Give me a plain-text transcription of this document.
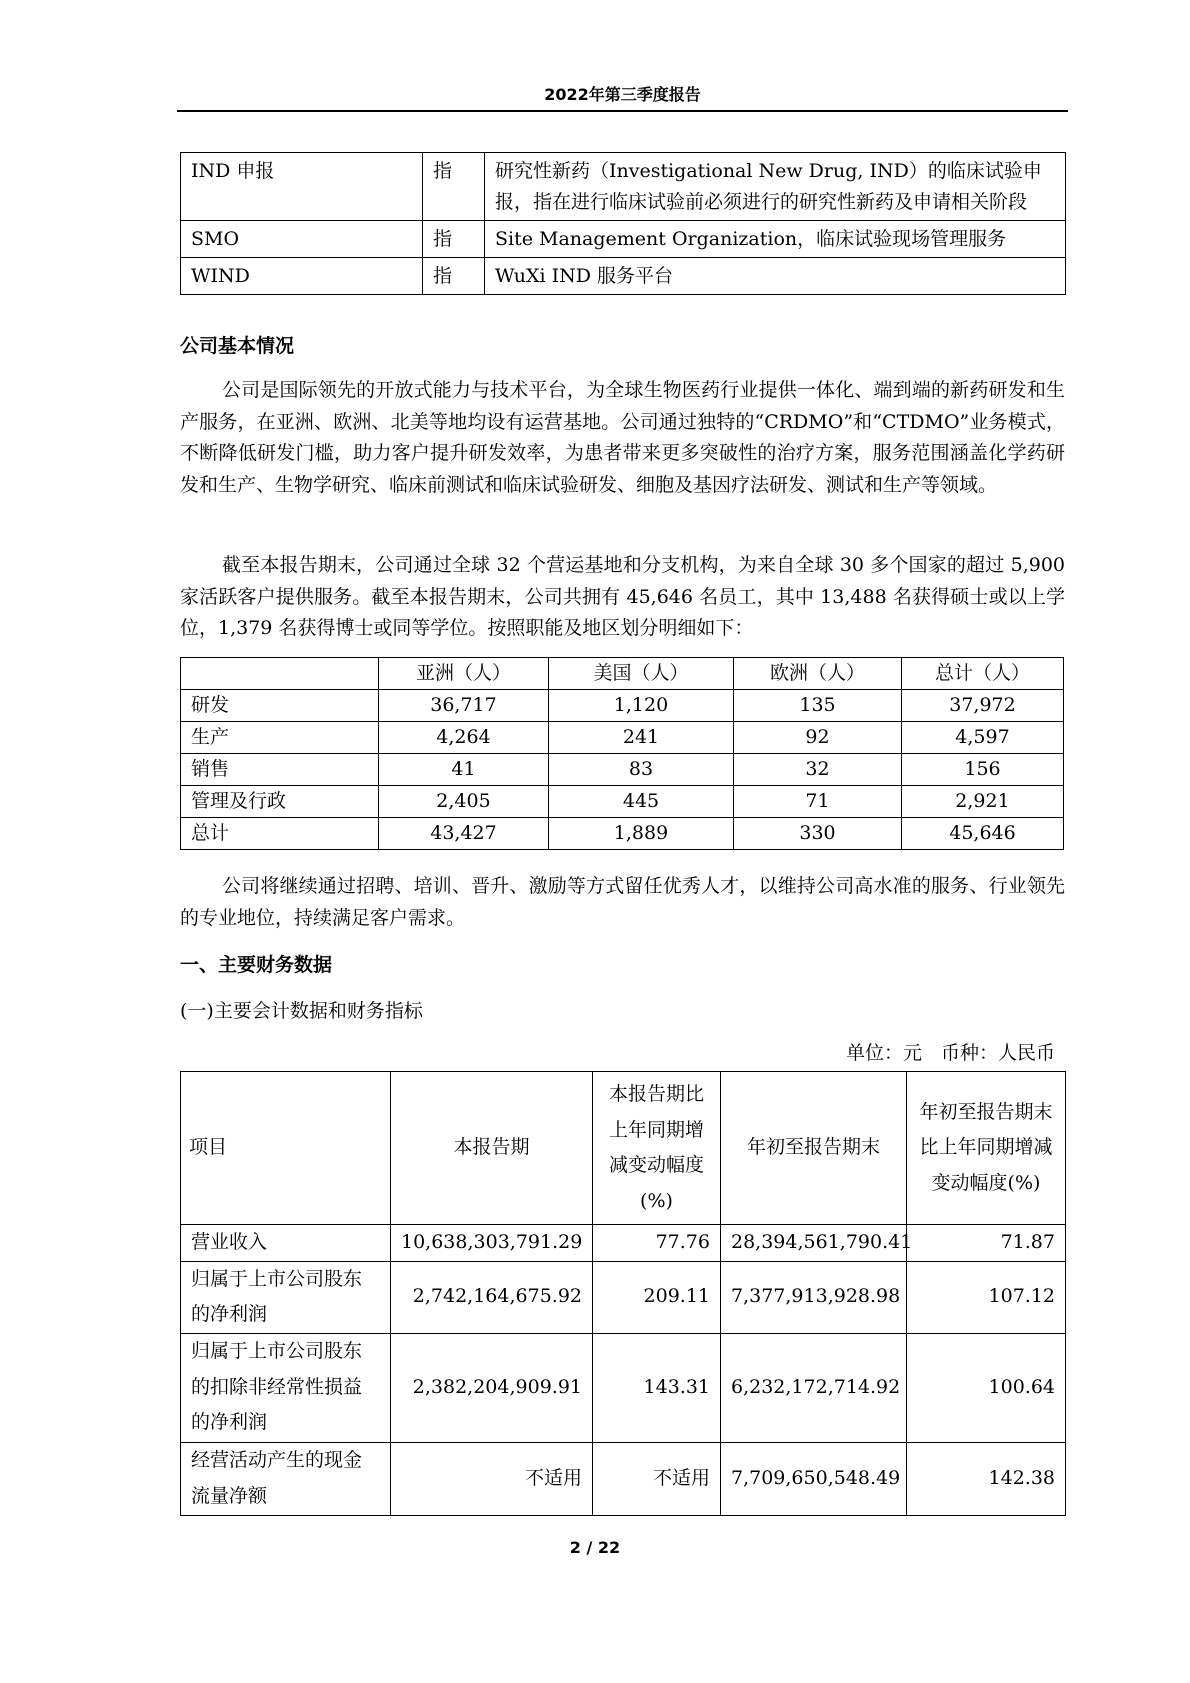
2022年第三季度报告
IND 申报	指	研究性新药（Investigational New Drug, IND）的临床试验申报，指在进行临床试验前必须进行的研究性新药及申请相关阶段
SMO	指	Site Management Organization，临床试验现场管理服务
WIND	指	WuXi IND 服务平台
公司基本情况
公司是国际领先的开放式能力与技术平台，为全球生物医药行业提供一体化、端到端的新药研发和生产服务，在亚洲、欧洲、北美等地均设有运营基地。公司通过独特的“CRDMO”和“CTDMO”业务模式，不断降低研发门槛，助力客户提升研发效率，为患者带来更多突破性的治疗方案，服务范围涵盖化学药研发和生产、生物学研究、临床前测试和临床试验研发、细胞及基因疗法研发、测试和生产等领域。
截至本报告期末，公司通过全球 32 个营运基地和分支机构，为来自全球 30 多个国家的超过 5,900 家活跃客户提供服务。截至本报告期末，公司共拥有 45,646 名员工，其中 13,488 名获得硕士或以上学位，1,379 名获得博士或同等学位。按照职能及地区划分明细如下：
	亚洲（人）	美国（人）	欧洲（人）	总计（人）
研发	36,717	1,120	135	37,972
生产	4,264	241	92	4,597
销售	41	83	32	156
管理及行政	2,405	445	71	2,921
总计	43,427	1,889	330	45,646
公司将继续通过招聘、培训、晋升、激励等方式留任优秀人才，以维持公司高水准的服务、行业领先的专业地位，持续满足客户需求。
一、主要财务数据
(一)主要会计数据和财务指标
单位：元　币种：人民币
项目	本报告期	本报告期比上年同期增减变动幅度(%)	年初至报告期末	年初至报告期末比上年同期增减变动幅度(%)
营业收入	10,638,303,791.29	77.76	28,394,561,790.41	71.87
归属于上市公司股东的净利润	2,742,164,675.92	209.11	7,377,913,928.98	107.12
归属于上市公司股东的扣除非经常性损益的净利润	2,382,204,909.91	143.31	6,232,172,714.92	100.64
经营活动产生的现金流量净额	不适用	不适用	7,709,650,548.49	142.38
2 / 22
